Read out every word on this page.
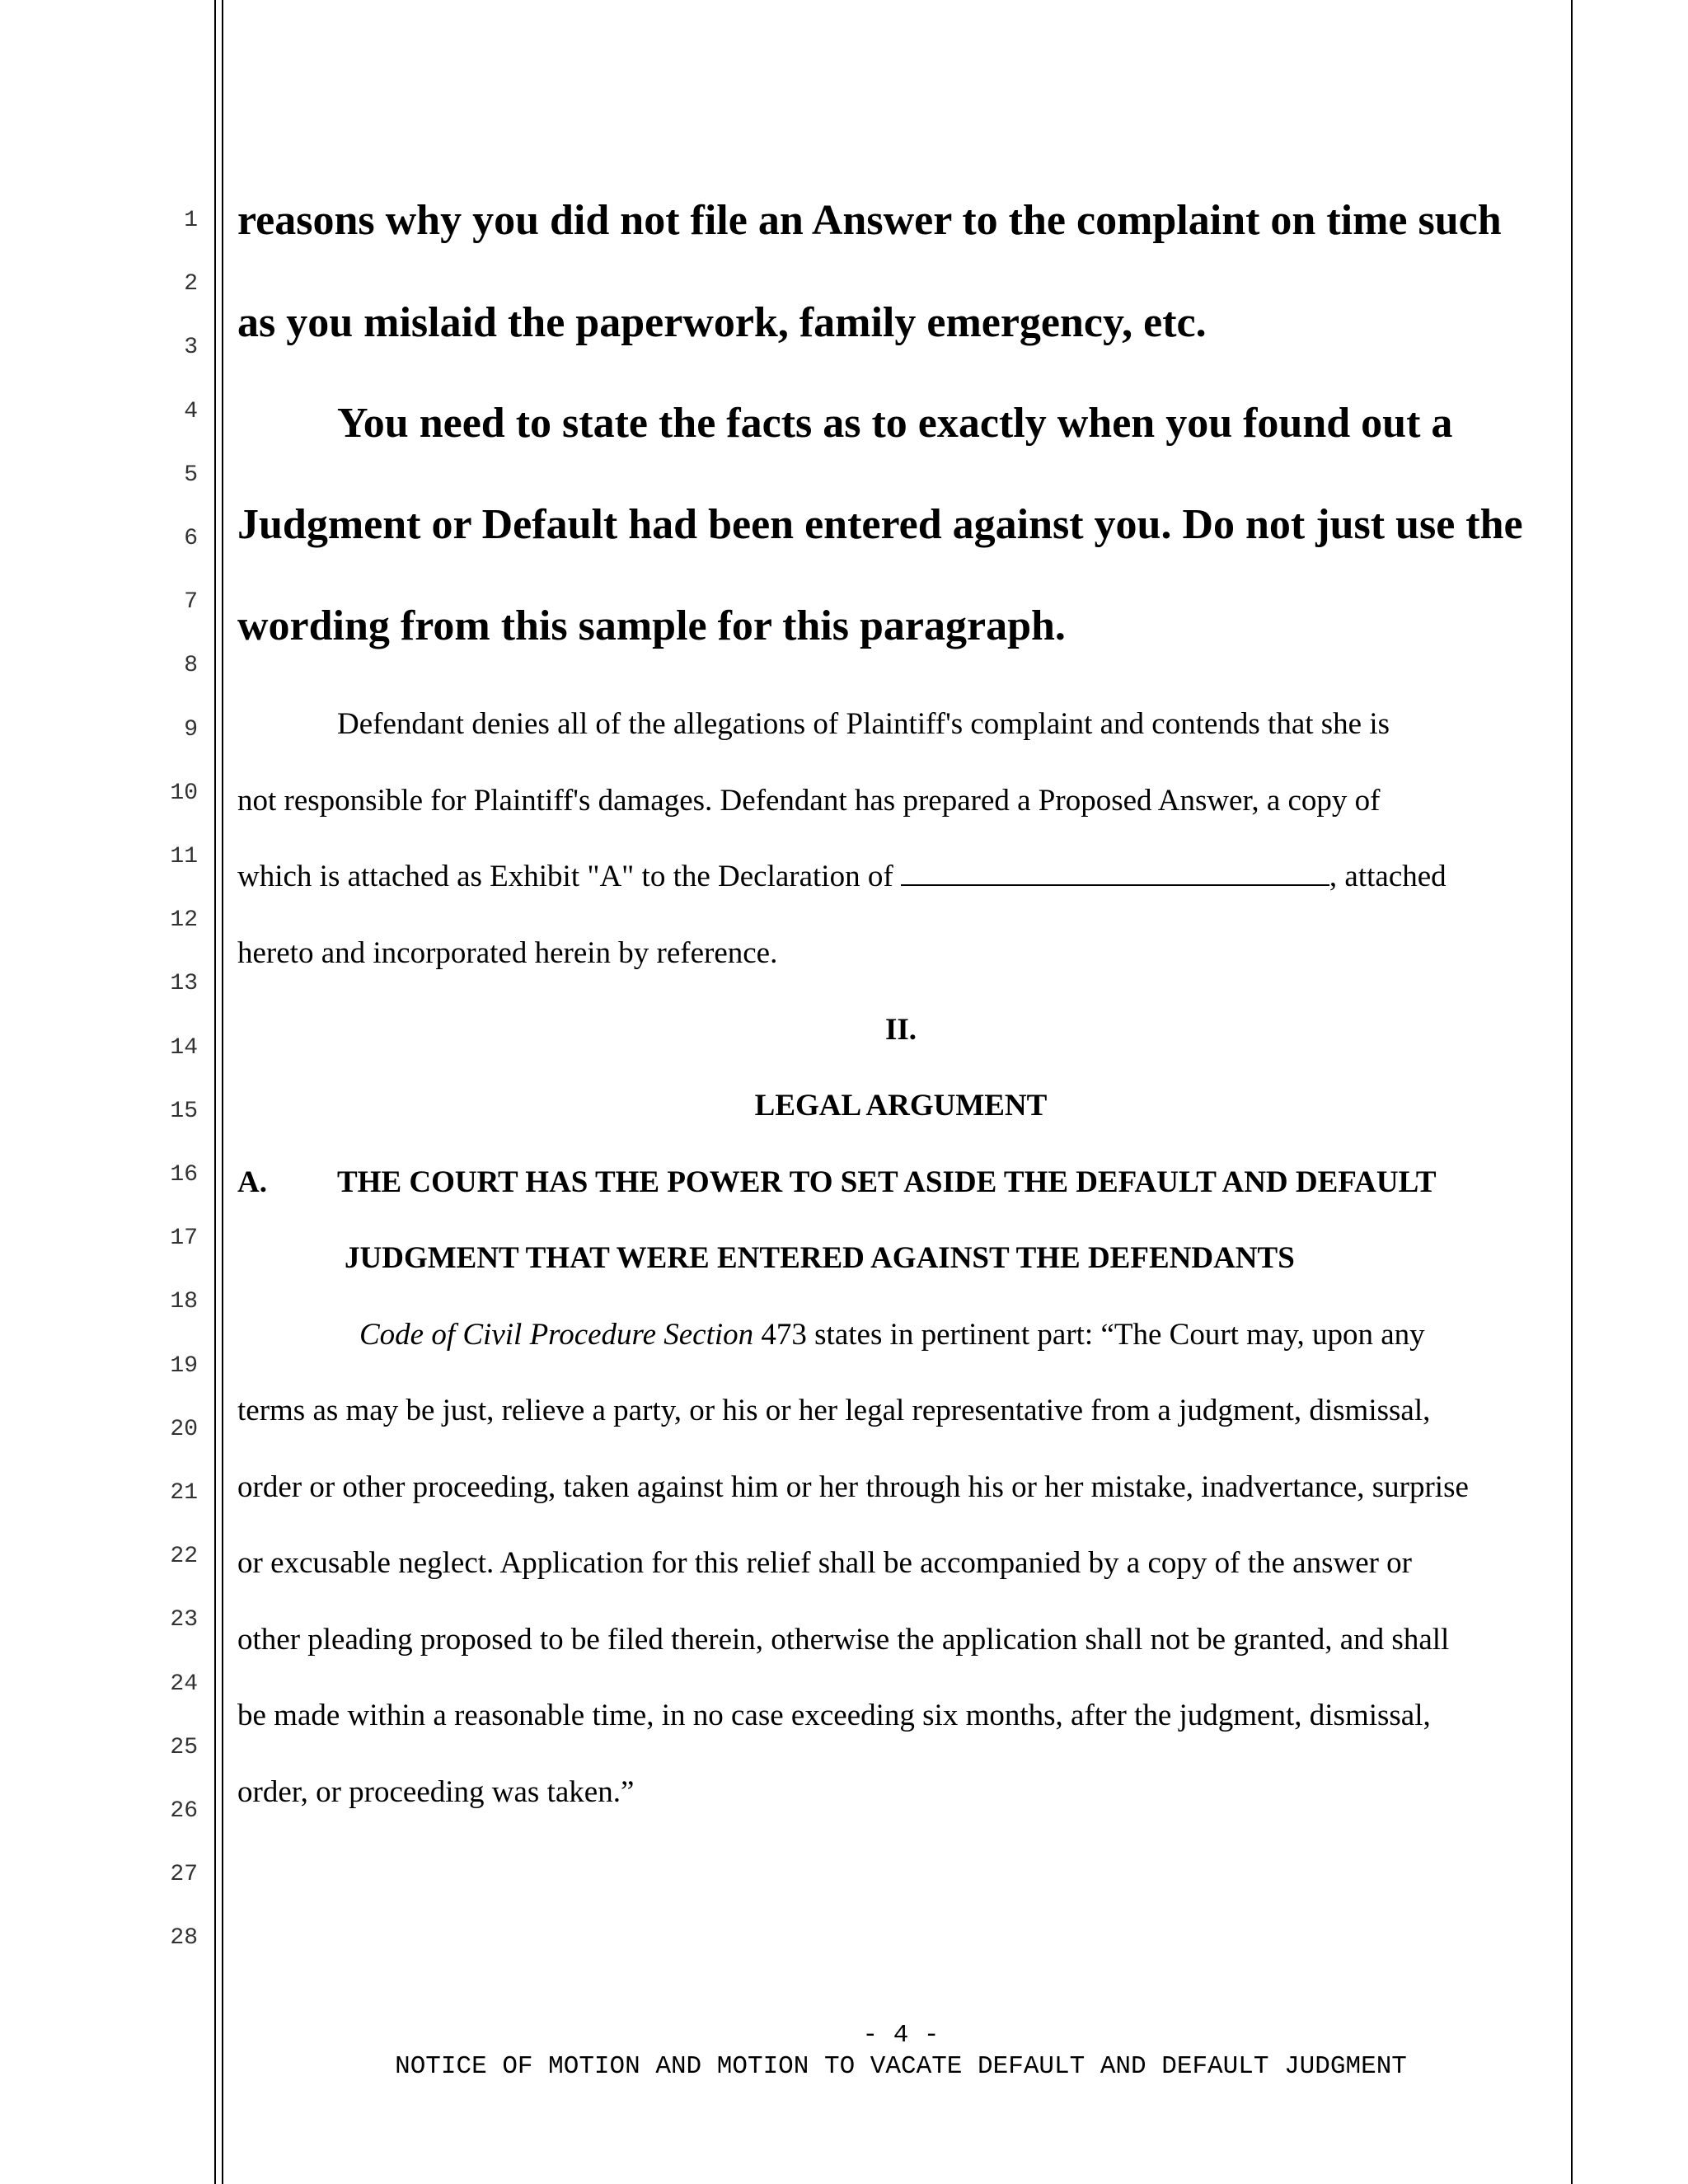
1
2
3
4
5
6
7
8
9
10
11
12
13
14
15
16
17
18
19
20
21
22
23
24
25
26
27
28
reasons why you did not file an Answer to the complaint on time such
as you mislaid the paperwork, family emergency, etc.
You need to state the facts as to exactly when you found out a
Judgment or Default had been entered against you. Do not just use the
wording from this sample for this paragraph.
Defendant denies all of the allegations of Plaintiff's complaint and contends that she is
not responsible for Plaintiff's damages. Defendant has prepared a Proposed Answer, a copy of
which is attached as Exhibit "A" to the Declaration of	, attached
hereto and incorporated herein by reference.
II.
LEGAL ARGUMENT
A. THE COURT HAS THE POWER TO SET ASIDE THE DEFAULT AND DEFAULT
JUDGMENT THAT WERE ENTERED AGAINST THE DEFENDANTS
Code of Civil Procedure Section 473 states in pertinent part: “The Court may, upon any
terms as may be just, relieve a party, or his or her legal representative from a judgment, dismissal,
order or other proceeding, taken against him or her through his or her mistake, inadvertance, surprise
or excusable neglect. Application for this relief shall be accompanied by a copy of the answer or
other pleading proposed to be filed therein, otherwise the application shall not be granted, and shall
be made within a reasonable time, in no case exceeding six months, after the judgment, dismissal,
order, or proceeding was taken.”
- 4 -
NOTICE OF MOTION AND MOTION TO VACATE DEFAULT AND DEFAULT JUDGMENT
